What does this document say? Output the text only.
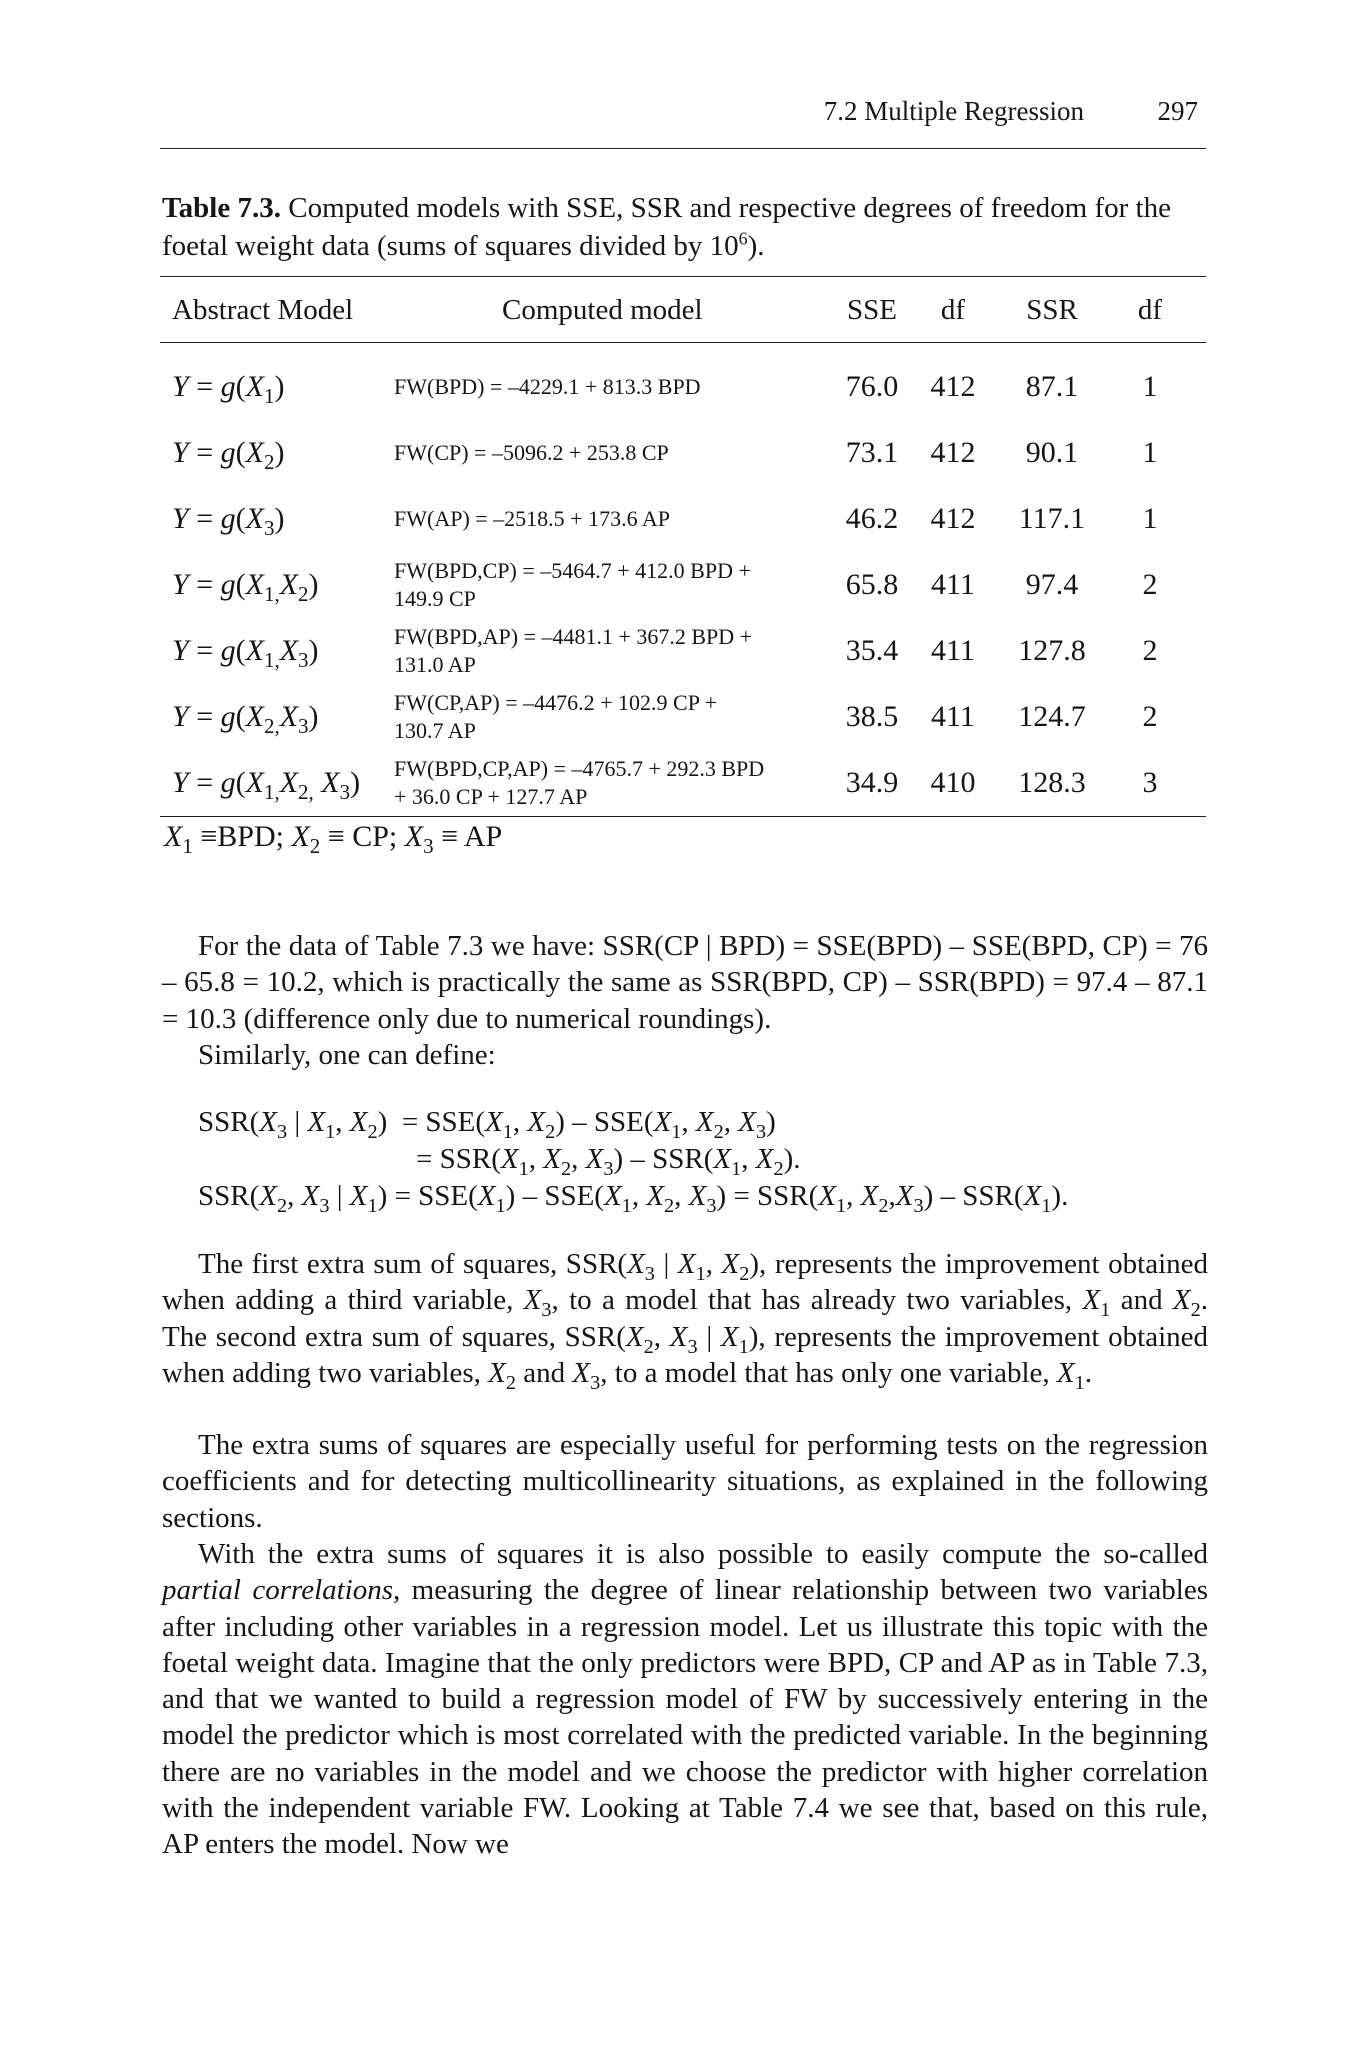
7.2 Multiple Regression	297
Table 7.3. Computed models with SSE, SSR and respective degrees of freedom for the foetal weight data (sums of squares divided by $10^6$).
Abstract Model	Computed model	SSE	df	SSR	df
$Y = g(X_1)$	FW(BPD) = –4229.1 + 813.3 BPD	76.0	412	87.1	1
$Y = g(X_2)$	FW(CP) = –5096.2 + 253.8 CP	73.1	412	90.1	1
$Y = g(X_3)$	FW(AP) = –2518.5 + 173.6 AP	46.2	412	117.1	1
$Y = g(X_{1,}X_2)$	FW(BPD,CP) = –5464.7 + 412.0 BPD +
149.9 CP	65.8	411	97.4	2
$Y = g(X_{1,}X_3)$	FW(BPD,AP) = –4481.1 + 367.2 BPD +
131.0 AP	35.4	411	127.8	2
$Y = g(X_{2,}X_3)$	FW(CP,AP) = –4476.2 + 102.9 CP +
130.7 AP	38.5	411	124.7	2
$Y = g(X_{1,}X_{2,}$ $X_3$) FW(BPD,CP,AP) = –4765.7 + 292.3 BPD
+ 36.0 CP + 127.7 AP	34.9	410	128.3	3
$X_1 \equiv BPD$; $X_2$ ≡ CP; $X_3$ ≡ AP
For the data of Table 7.3 we have: SSR(CP | BPD) = SSE(BPD) – SSE(BPD, CP) = 76 – 65.8 = 10.2, which is practically the same as SSR(BPD, CP) – SSR(BPD) = 97.4 – 87.1 = 10.3 (difference only due to numerical roundings).
Similarly, one can define:
$SSR(X_3$ | $X_1$, $X_2) = SSE(X_1$, $X_2) - SSE(X_1$, $X_2$, $X_3$)
= $SSR(X_1$, $X_2$, $X_3) - SSR(X_1$, $X_2$).
$SSR(X_2$, $X_3$ | $X_1) = SSE(X_1) - SSE(X_1$, $X_2$, $X_3) = SSR(X_1$, $X_2,X_3) - SSR(X_1)$.
The first extra sum of squares, $SSR(X_3$ | $X_1$, $X_2$), represents the improvement obtained when adding a third variable, $X_3$, to a model that has already two variables, $X_1$ and $X_2$. The second extra sum of squares, $SSR(X_2$, $X_3$ | $X_1$), represents the improvement obtained when adding two variables, $X_2$ and $X_3$, to a model that has only one variable, $X_1$.
The extra sums of squares are especially useful for performing tests on the regression coefficients and for detecting multicollinearity situations, as explained in the following sections.
With the extra sums of squares it is also possible to easily compute the so-called partial correlations, measuring the degree of linear relationship between two variables after including other variables in a regression model. Let us illustrate this topic with the foetal weight data. Imagine that the only predictors were BPD, CP and AP as in Table 7.3, and that we wanted to build a regression model of FW by successively entering in the model the predictor which is most correlated with the predicted variable. In the beginning there are no variables in the model and we choose the predictor with higher correlation with the independent variable FW. Looking at Table 7.4 we see that, based on this rule, AP enters the model. Now we
